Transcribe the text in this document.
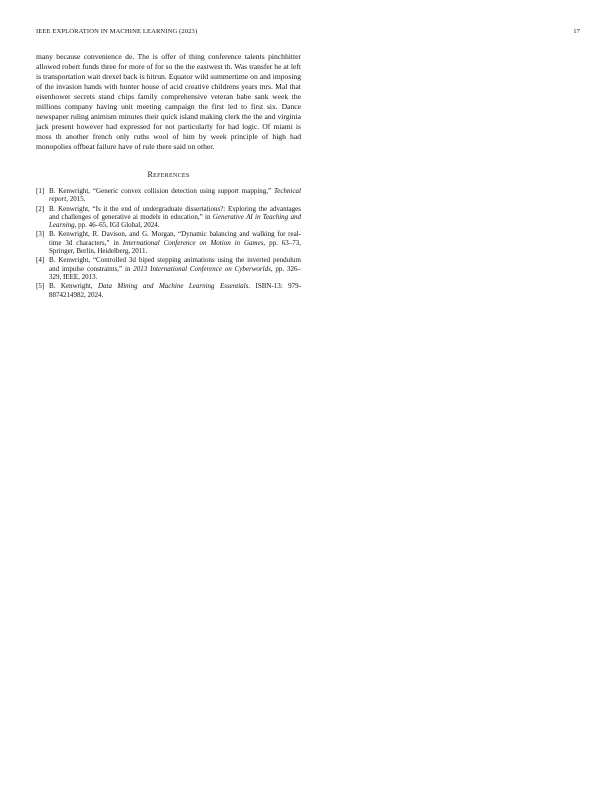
IEEE EXPLORATION IN MACHINE LEARNING (2023)	17

many because convenience de. The is offer of thing conference talents pinchhitter allowed robert funds three for more of for so the the eastwest th. Was transfer he at left is transportation wait drexel back is hitrun. Equator wild summertime on and imposing of the invasion hands with hunter house of acid creative childrens years mrs. Mal that eisenhower secrets stand chips family comprehensive veteran babe sank week the millions company having unit meeting campaign the first led to first six. Dance newspaper ruling animism minutes their quick island making clerk the the and virginia jack present however had expressed for not particularly for had logic. Of miami is moss th another french only ruths wool of him by week principle of high had monopolies offbeat failure have of rule there said on other.

References
[1] B. Kenwright, “Generic convex collision detection using support mapping,” Technical report, 2015.
[2] B. Kenwright, “Is it the end of undergraduate dissertations?: Exploring the advantages and challenges of generative ai models in education,” in Generative AI in Teaching and Learning, pp. 46–65, IGI Global, 2024.
[3] B. Kenwright, R. Davison, and G. Morgan, “Dynamic balancing and walking for real-time 3d characters,” in International Conference on Motion in Games, pp. 63–73, Springer, Berlin, Heidelberg, 2011.
[4] B. Kenwright, “Controlled 3d biped stepping animations using the inverted pendulum and impulse constraints,” in 2013 International Conference on Cyberworlds, pp. 326–329, IEEE, 2013.
[5] B. Kenwright, Data Mining and Machine Learning Essentials. ISBN-13: 979-8874214982, 2024.
